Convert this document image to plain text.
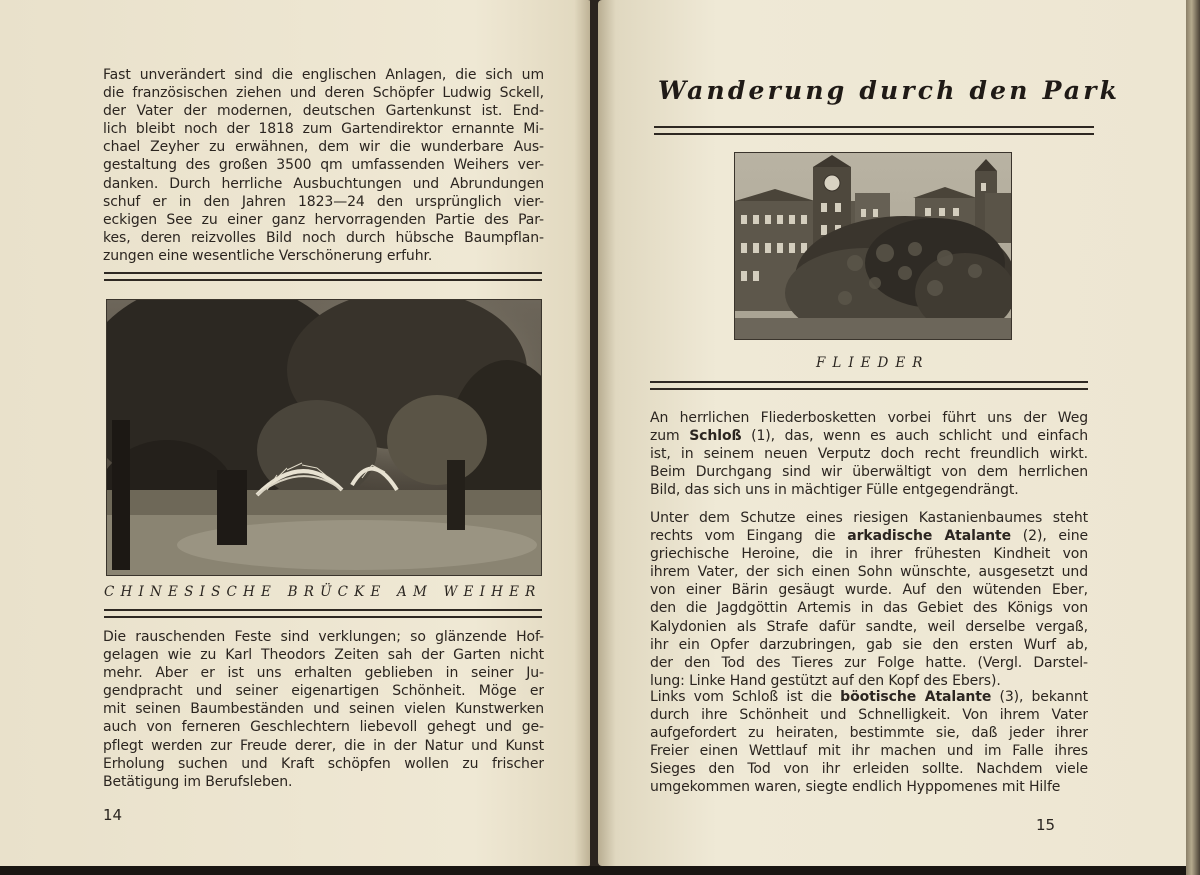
Fast unverändert sind die englischen Anlagen, die sich um
die französischen ziehen und deren Schöpfer Ludwig Sckell,
der Vater der modernen, deutschen Gartenkunst ist. End-
lich bleibt noch der 1818 zum Gartendirektor ernannte Mi-
chael Zeyher zu erwähnen, dem wir die wunderbare Aus-
gestaltung des großen 3500 qm umfassenden Weihers ver-
danken. Durch herrliche Ausbuchtungen und Abrundungen
schuf er in den Jahren 1823—24 den ursprünglich vier-
eckigen See zu einer ganz hervorragenden Partie des Par-
kes, deren reizvolles Bild noch durch hübsche Baumpflan-
zungen eine wesentliche Verschönerung erfuhr.
CHINESISCHE BRÜCKE AM WEIHER
Die rauschenden Feste sind verklungen; so glänzende Hof-
gelagen wie zu Karl Theodors Zeiten sah der Garten nicht
mehr. Aber er ist uns erhalten geblieben in seiner Ju-
gendpracht und seiner eigenartigen Schönheit. Möge er
mit seinen Baumbeständen und seinen vielen Kunstwerken
auch von ferneren Geschlechtern liebevoll gehegt und ge-
pflegt werden zur Freude derer, die in der Natur und Kunst
Erholung suchen und Kraft schöpfen wollen zu frischer
Betätigung im Berufsleben.
14
Wanderung durch den Park
FLIEDER
An herrlichen Fliederbosketten vorbei führt uns der Weg
zum Schloß (1), das, wenn es auch schlicht und einfach
ist, in seinem neuen Verputz doch recht freundlich wirkt.
Beim Durchgang sind wir überwältigt von dem herrlichen
Bild, das sich uns in mächtiger Fülle entgegendrängt.
Unter dem Schutze eines riesigen Kastanienbaumes steht
rechts vom Eingang die arkadische Atalante (2), eine
griechische Heroine, die in ihrer frühesten Kindheit von
ihrem Vater, der sich einen Sohn wünschte, ausgesetzt und
von einer Bärin gesäugt wurde. Auf den wütenden Eber,
den die Jagdgöttin Artemis in das Gebiet des Königs von
Kalydonien als Strafe dafür sandte, weil derselbe vergaß,
ihr ein Opfer darzubringen, gab sie den ersten Wurf ab,
der den Tod des Tieres zur Folge hatte. (Vergl. Darstel-
lung: Linke Hand gestützt auf den Kopf des Ebers).
Links vom Schloß ist die böotische Atalante (3), bekannt
durch ihre Schönheit und Schnelligkeit. Von ihrem Vater
aufgefordert zu heiraten, bestimmte sie, daß jeder ihrer
Freier einen Wettlauf mit ihr machen und im Falle ihres
Sieges den Tod von ihr erleiden sollte. Nachdem viele
umgekommen waren, siegte endlich Hyppomenes mit Hilfe
15
